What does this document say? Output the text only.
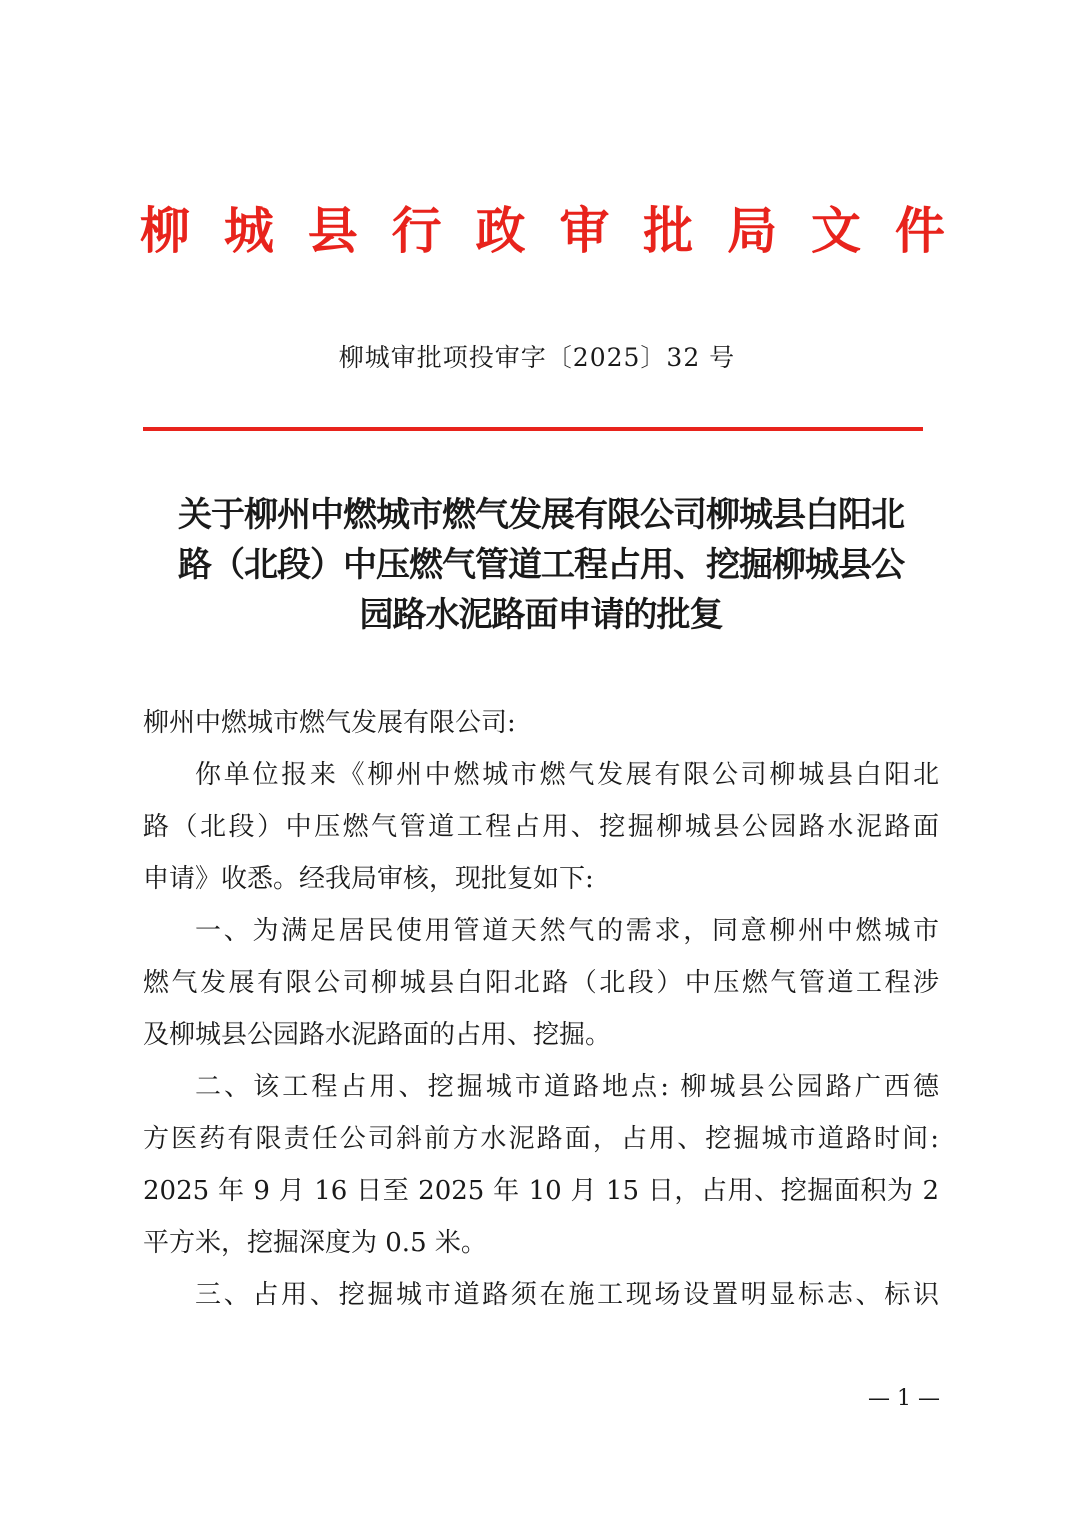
柳 城 县 行 政 审 批 局 文 件
柳城审批项投审字〔2025〕32 号
关于柳州中燃城市燃气发展有限公司柳城县白阳北
路（北段）中压燃气管道工程占用、挖掘柳城县公
园路水泥路面申请的批复
柳州中燃城市燃气发展有限公司:
你单位报来《柳州中燃城市燃气发展有限公司柳城县白阳北
路（北段）中压燃气管道工程占用、挖掘柳城县公园路水泥路面
申请》收悉。经我局审核，现批复如下:
一、为满足居民使用管道天然气的需求，同意柳州中燃城市
燃气发展有限公司柳城县白阳北路（北段）中压燃气管道工程涉
及柳城县公园路水泥路面的占用、挖掘。
二、该工程占用、挖掘城市道路地点: 柳城县公园路广西德
方医药有限责任公司斜前方水泥路面，占用、挖掘城市道路时间:
2025 年 9 月 16 日至 2025 年 10 月 15 日，占用、挖掘面积为 2
平方米，挖掘深度为 0.5 米。
三、占用、挖掘城市道路须在施工现场设置明显标志、标识
— 1 —
